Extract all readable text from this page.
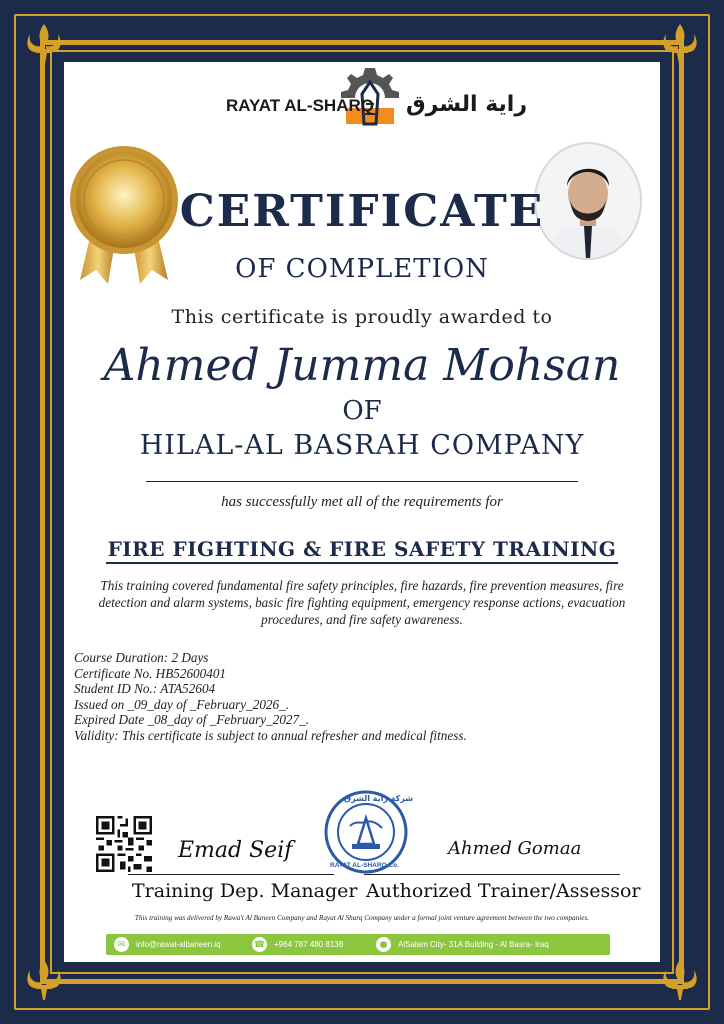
RAYAT AL-SHARQ راية الشرق
CERTIFICATE
OF COMPLETION
This certificate is proudly awarded to
Ahmed Jumma Mohsan
OF
HILAL-AL BASRAH COMPANY
has successfully met all of the requirements for
FIRE FIGHTING & FIRE SAFETY TRAINING
This training covered fundamental fire safety principles, fire hazards, fire prevention measures, fire detection and alarm systems, basic fire fighting equipment, emergency response actions, evacuation procedures, and fire safety awareness.
Course Duration: 2 Days
Certificate No. HB52600401
Student ID No.: ATA52604
Issued on _09_day of _February_2026_.
Expired Date _08_day of _February_2027_.
Validity: This certificate is subject to annual refresher and medical fitness.
Emad Seif
Training Dep. Manager
شركة راية الشرق
RAYAT AL-SHARQ Co.
Ahmed Gomaa
Authorized Trainer/Assessor
This training was delivered by Rawa't Al Baneen Company and Rayat Al Sharq Company under a formal joint venture agreement between the two companies.
✉	info@rawat-albaneen.iq	☎ +964 787 480 8138	●	AlSalam City- 31A Building - Al Basra- Iraq
